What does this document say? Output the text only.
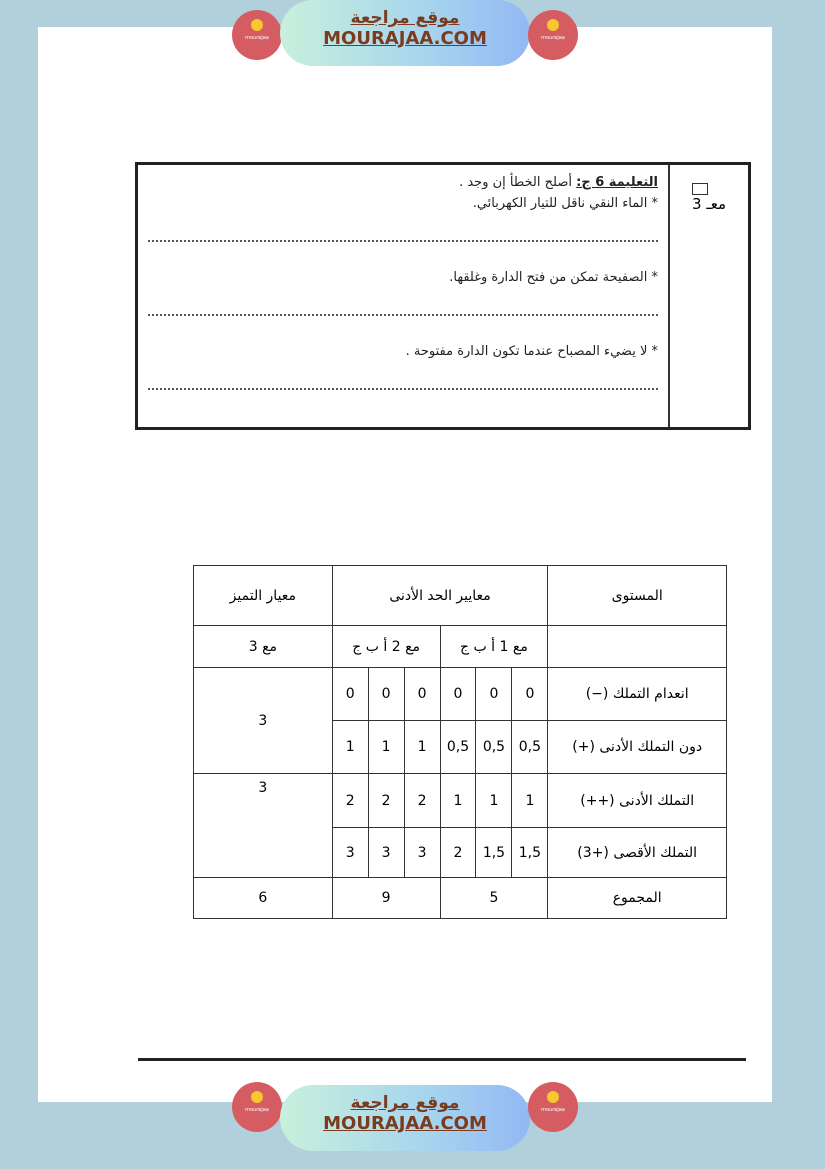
mourajaa
موقع مراجعة
MOURAJAA.COM	mourajaa
معـ 3
التعليمة 6 ج: أصلح الخطأ إن وجد .
* الماء النقي ناقل للتيار الكهربائي.
* الصفيحة تمكن من فتح الدارة وغلقها.
* لا يضيء المصباح عندما تكون الدارة مفتوحة .
المستوى	معايير الحد الأدنى						معيار التميز
	مع 1 أ ب ج			مع 2 أ ب ج			مع 3
انعدام التملك (−)	0	0	0	0	0	0	3
دون التملك الأدنى (+)	0,5	0,5	0,5	1	1	1	
التملك الأدنى (++)	1	1	1	2	2	2	3
التملك الأقصى (+3)	1,5	1,5	2	3	3	3	
المجموع	5			9			6
mourajaa	موقع مراجعة
MOURAJAA.COM
mourajaa
